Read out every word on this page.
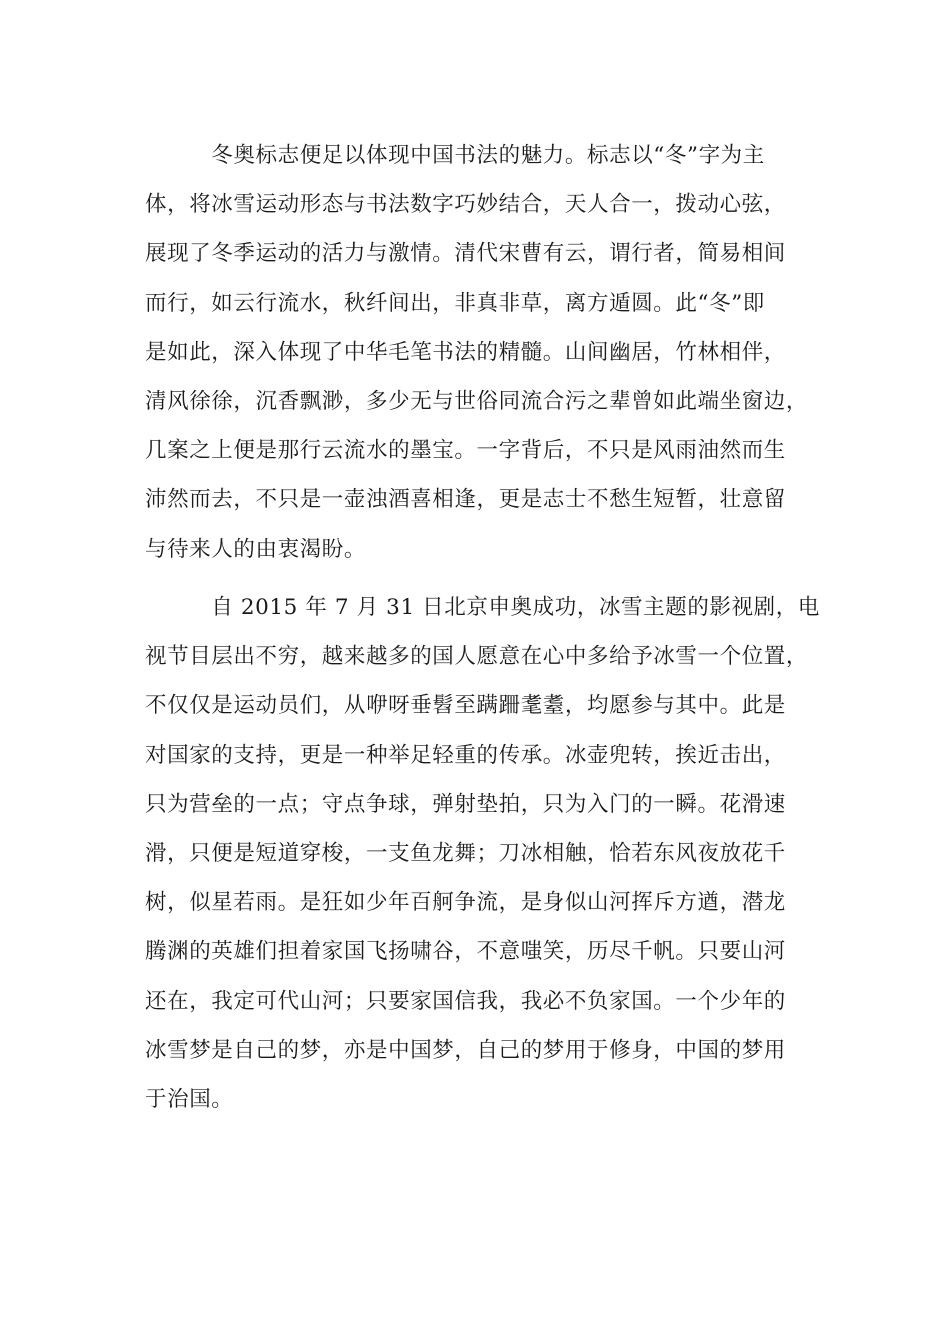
　　　冬奥标志便足以体现中国书法的魅力。标志以“冬”字为主
体，将冰雪运动形态与书法数字巧妙结合，天人合一，拨动心弦，
展现了冬季运动的活力与激情。清代宋曹有云，谓行者，简易相间
而行，如云行流水，秋纤间出，非真非草，离方遁圆。此“冬”即
是如此，深入体现了中华毛笔书法的精髓。山间幽居，竹林相伴，
清风徐徐，沉香飘渺，多少无与世俗同流合污之辈曾如此端坐窗边，
几案之上便是那行云流水的墨宝。一字背后，不只是风雨油然而生
沛然而去，不只是一壶浊酒喜相逢，更是志士不愁生短暂，壮意留
与待来人的由衷渴盼。
　　　自 2015 年 7 月 31 日北京申奥成功，冰雪主题的影视剧，电
视节目层出不穷，越来越多的国人愿意在心中多给予冰雪一个位置，
不仅仅是运动员们，从咿呀垂髫至蹒跚耄耋，均愿参与其中。此是
对国家的支持，更是一种举足轻重的传承。冰壶兜转，挨近击出，
只为营垒的一点；守点争球，弹射垫拍，只为入门的一瞬。花滑速
滑，只便是短道穿梭，一支鱼龙舞；刀冰相触，恰若东风夜放花千
树，似星若雨。是狂如少年百舸争流，是身似山河挥斥方遒，潜龙
腾渊的英雄们担着家国飞扬啸谷，不意嗤笑，历尽千帆。只要山河
还在，我定可代山河；只要家国信我，我必不负家国。一个少年的
冰雪梦是自己的梦，亦是中国梦，自己的梦用于修身，中国的梦用
于治国。
